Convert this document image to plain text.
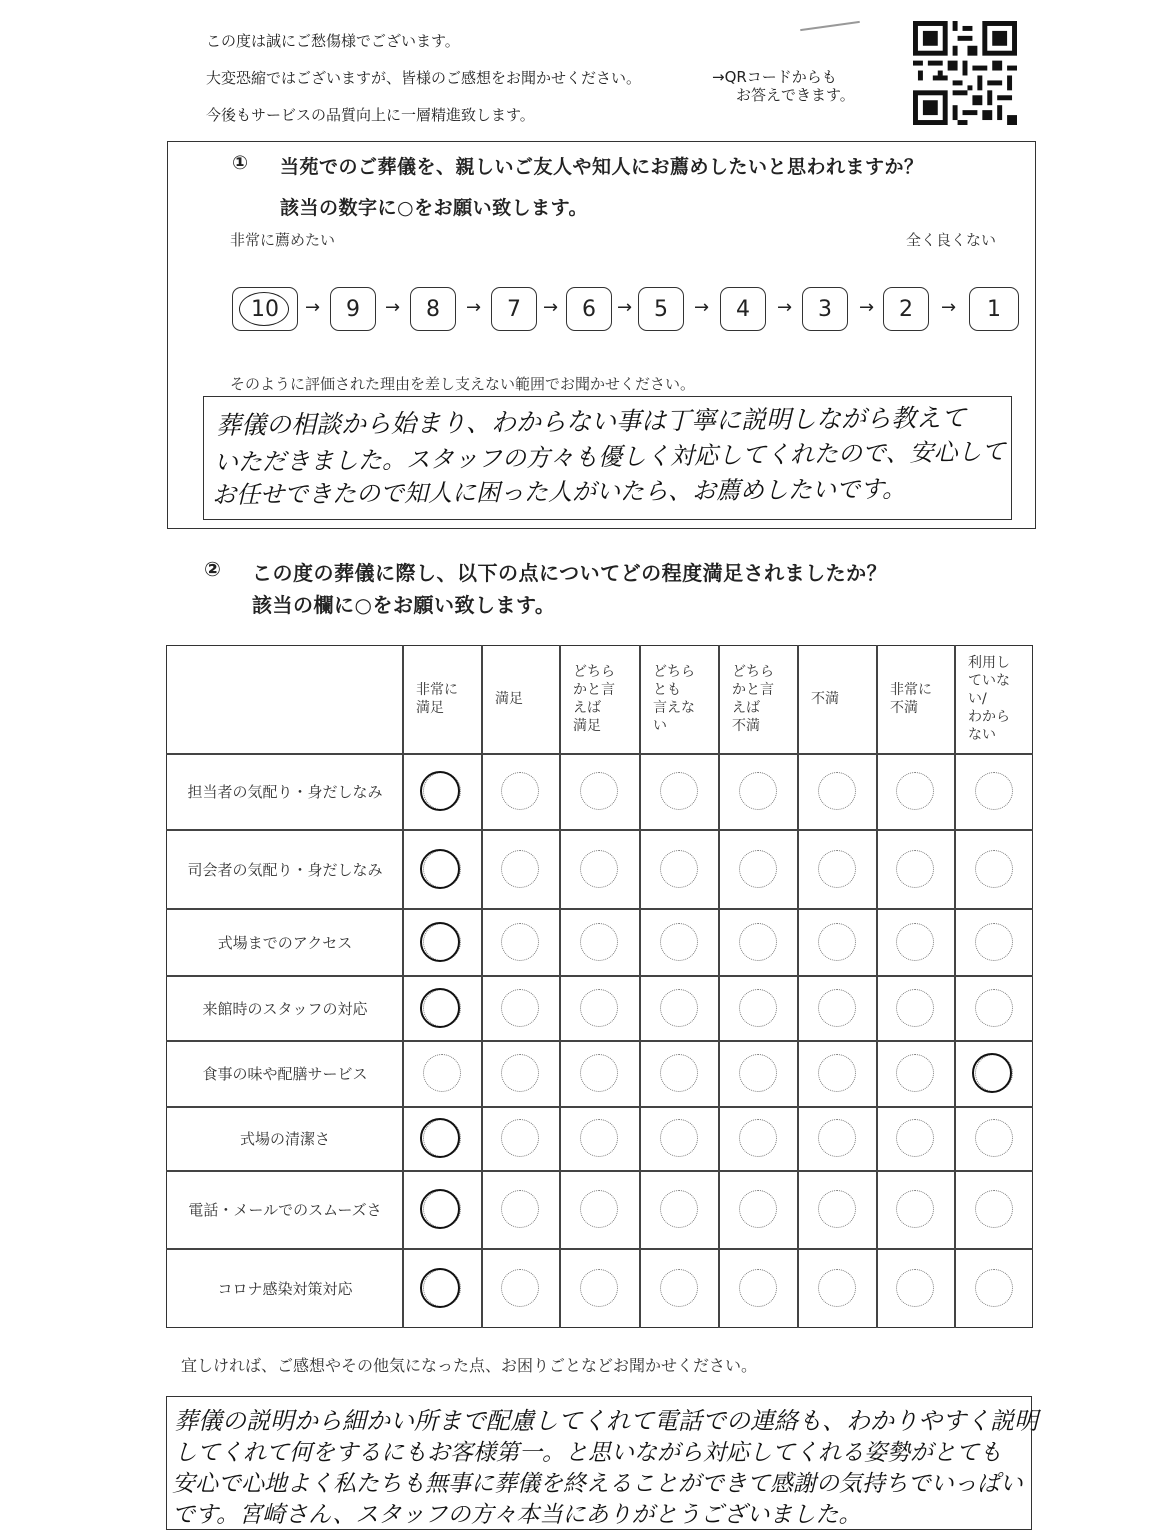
この度は誠にご愁傷様でございます。
大変恐縮ではございますが、皆様のご感想をお聞かせください。
今後もサービスの品質向上に一層精進致します。
→QRコードからも
お答えできます。
① 当苑でのご葬儀を、親しいご友人や知人にお薦めしたいと思われますか？
該当の数字に○をお願い致します。
非常に薦めたい	全く良くない
10 → 9 → 8 → 7 → 6 → 5 → 4 → 3 → 2 → 1
そのように評価された理由を差し支えない範囲でお聞かせください。
葬儀の相談から始まり、わからない事は丁寧に説明しながら教えて
いただきました。スタッフの方々も優しく対応してくれたので、安心して
お任せできたので知人に困った人がいたら、お薦めしたいです。
② この度の葬儀に際し、以下の点についてどの程度満足されましたか？
該当の欄に○をお願い致します。
非常に
満足
満足
どちら
かと言
えば
満足
どちら
とも
言えな
い
どちら
かと言
えば
不満
不満
非常に
不満
利用し
ていな
い/
わから
ない
担当者の気配り・身だしなみ
司会者の気配り・身だしなみ
式場までのアクセス
来館時のスタッフの対応
食事の味や配膳サービス
式場の清潔さ
電話・メールでのスムーズさ
コロナ感染対策対応
宜しければ、ご感想やその他気になった点、お困りごとなどお聞かせください。
葬儀の説明から細かい所まで配慮してくれて電話での連絡も、わかりやすく説明
してくれて何をするにもお客様第一。と思いながら対応してくれる姿勢がとても
安心で心地よく私たちも無事に葬儀を終えることができて感謝の気持ちでいっぱい
です。宮崎さん、スタッフの方々本当にありがとうございました。
